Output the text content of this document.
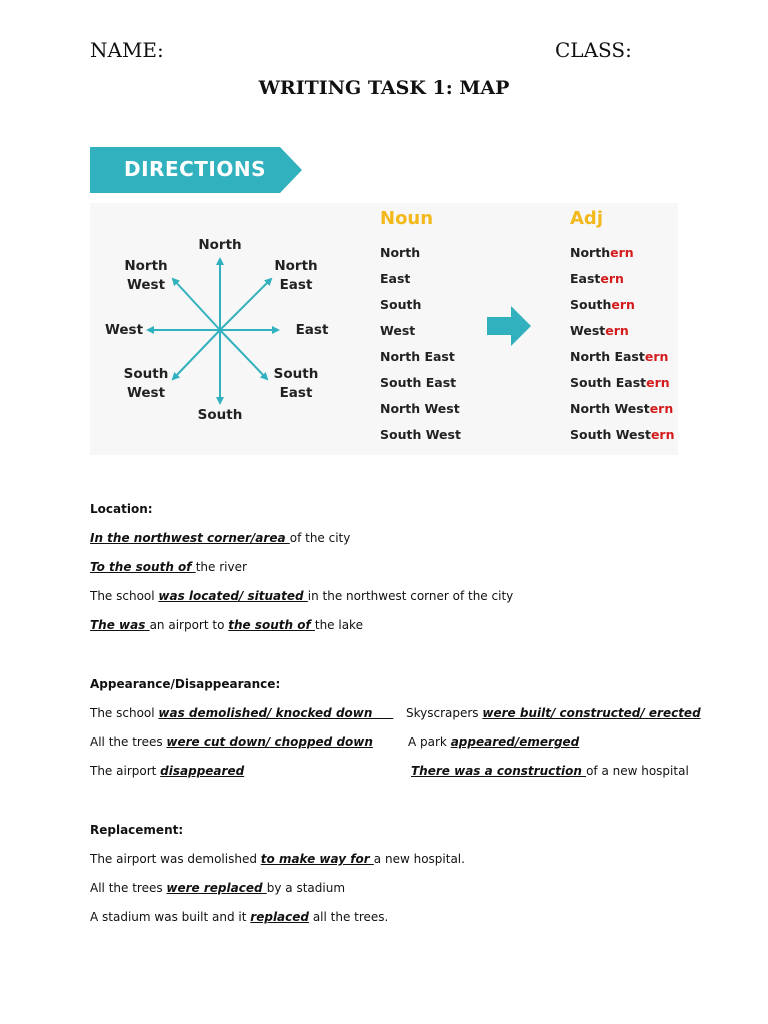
NAME:	CLASS:
WRITING TASK 1: MAP
DIRECTIONS
North
South
East
West
North
West
North
East
South
West
South
East
Noun
North
East
South
West
North East
South East
North West
South West
Adj
Northern
Eastern
Southern
Western
North Eastern
South Eastern
North Western
South Western
Location:
In the northwest corner/area of the city
To the south of the river
The school was located/ situated in the northwest corner of the city
The was an airport to the south of the lake
Appearance/Disappearance:
The school was demolished/ knocked down
All the trees were cut down/ chopped down
The airport disappeared
Skyscrapers were built/ constructed/ erected
A park appeared/emerged
There was a construction of a new hospital
Replacement:
The airport was demolished to make way for a new hospital.
All the trees were replaced by a stadium
A stadium was built and it replaced all the trees.
